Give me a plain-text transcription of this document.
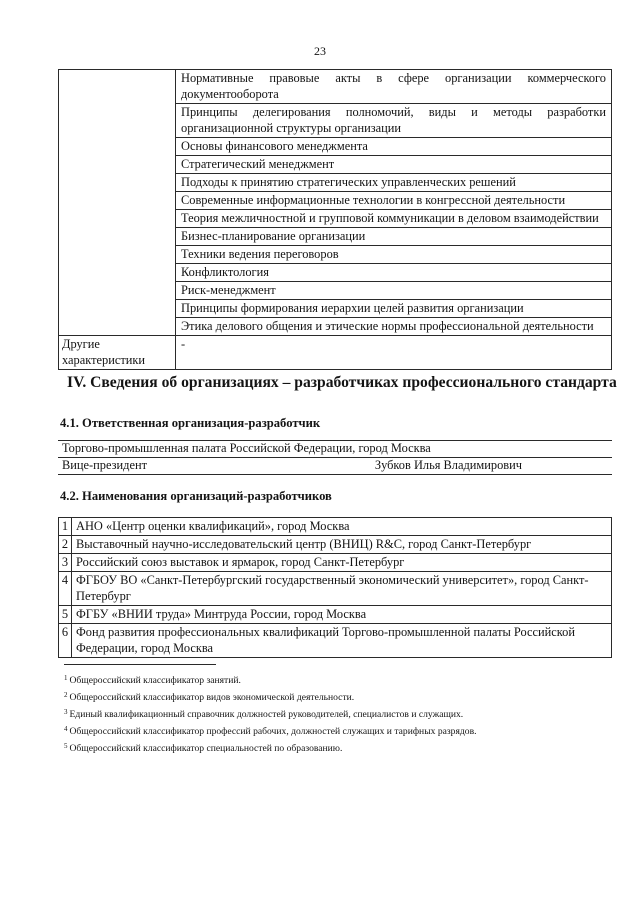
23
	Нормативные правовые акты в сфере организации коммерческого документооборота
	Принципы делегирования полномочий, виды и методы разработки организационной структуры организации
	Основы финансового менеджмента
	Стратегический менеджмент
	Подходы к принятию стратегических управленческих решений
	Современные информационные технологии в конгрессной деятельности
	Теория межличностной и групповой коммуникации в деловом взаимодействии
	Бизнес-планирование организации
	Техники ведения переговоров
	Конфликтология
	Риск-менеджмент
	Принципы формирования иерархии целей развития организации
	Этика делового общения и этические нормы профессиональной деятельности
Другие характеристики	-
IV. Сведения об организациях – разработчиках профессионального стандарта
4.1. Ответственная организация-разработчик
Торгово-промышленная палата Российской Федерации, город Москва

Вице-президент	Зубков Илья Владимирович
4.2. Наименования организаций-разработчиков
1	АНО «Центр оценки квалификаций», город Москва
2	Выставочный научно-исследовательский центр (ВНИЦ) R&C, город Санкт-Петербург
3	Российский союз выставок и ярмарок, город Санкт-Петербург
4	ФГБОУ ВО «Санкт-Петербургский государственный экономический университет», город Санкт-Петербург
5	ФГБУ «ВНИИ труда» Минтруда России, город Москва
6	Фонд развития профессиональных квалификаций Торгово-промышленной палаты Российской Федерации, город Москва
$^1$ Общероссийский классификатор занятий.
$^2$ Общероссийский классификатор видов экономической деятельности.
$^3$ Единый квалификационный справочник должностей руководителей, специалистов и служащих.
$^4$ Общероссийский классификатор профессий рабочих, должностей служащих и тарифных разрядов.
$^5$ Общероссийский классификатор специальностей по образованию.
